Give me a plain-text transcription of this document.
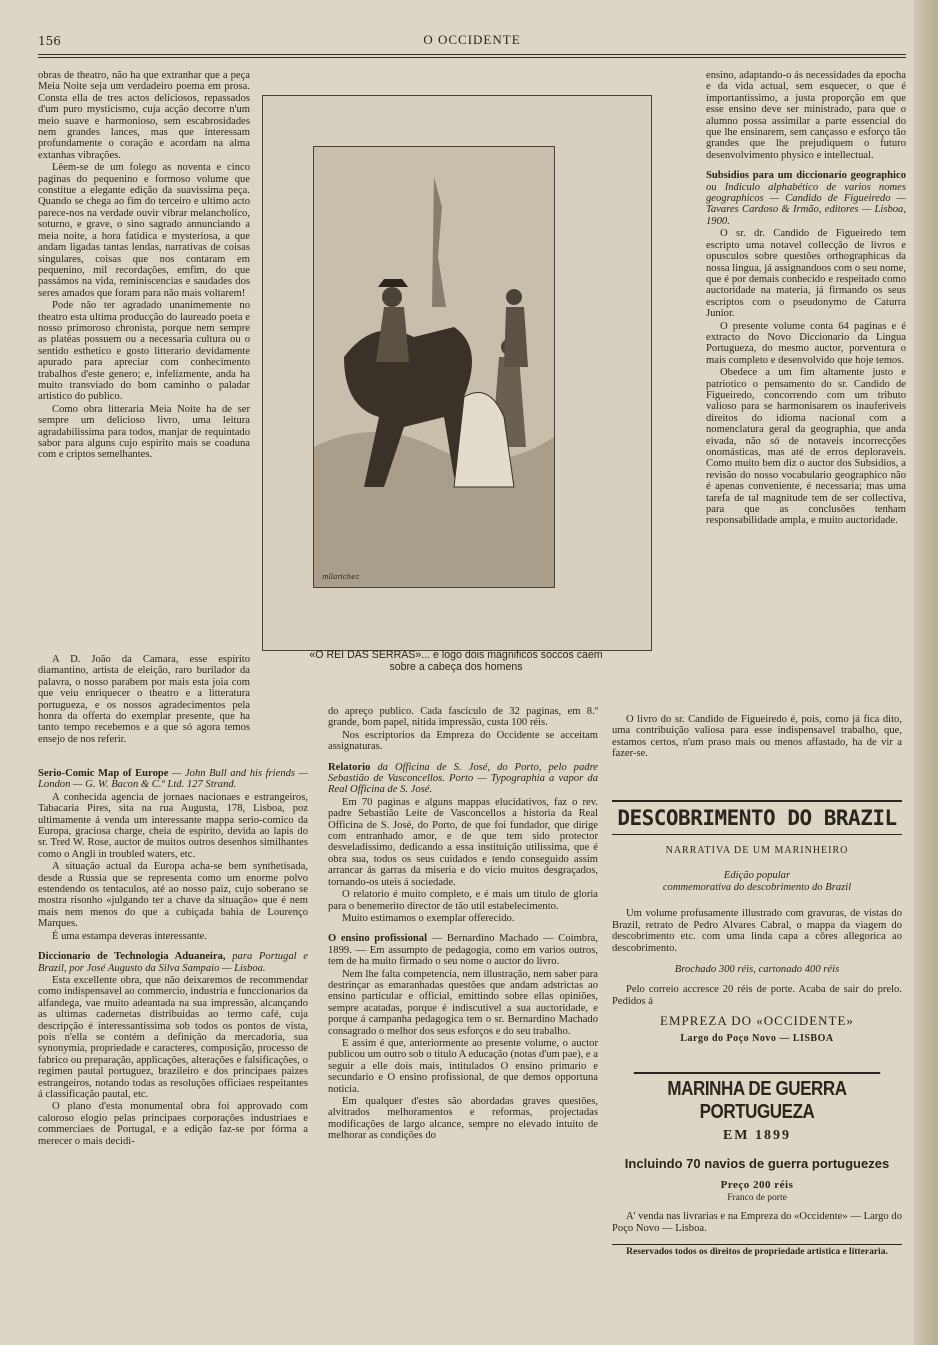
156	O OCCIDENTE

obras de theatro, não ha que extranhar que a peça Meia Noite seja um verdadeiro poema em prosa. Consta ella de tres actos deliciosos, repassados d'um puro mysticismo, cuja acção decorre n'um meio suave e harmonioso, sem escabrosidades nem grandes lances, mas que interessam profundamente o coração e acordam na alma extanhas vibrações.

Lêem-se de um folego as noventa e cinco paginas do pequenino e formoso volume que constitue a elegante edição da suavissima peça. Quando se chega ao fim do terceiro e ultimo acto parece-nos na verdade ouvir vibrar melancholico, soturno, e grave, o sino sagrado annunciando a meia noite, a hora fatidica e mysteriosa, a que andam ligadas tantas lendas, narrativas de coisas singulares, coisas que nos contaram em pequenino, mil recordações, emfim, do que passámos na vida, reminiscencias e saudades dos seres amados que foram para não mais voltarem!

Pode não ter agradado unanimemente no theatro esta ultima producção do laureado poeta e nosso primoroso chronista, porque nem sempre as platéas possuem ou a necessaria cultura ou o sentido esthetico e gosto litterario devidamente apurado para apreciar com conhecimento trabalhos d'este genero; e, infelizmente, anda ha muito transviado do bom caminho o paladar artistico do publico.

Como obra litteraria Meia Noite ha de ser sempre um delicioso livro, uma leitura agradabilissima para todos, manjar de requintado sabor para alguns cujo espirito mais se coaduna com e criptos semelhantes.

A D. João da Camara, esse espirito diamantino, artista de eleição, raro burilador da palavra, o nosso parabem por mais esta joia com que veiu enriquecer o theatro e a litteratura portugueza, e os nossos agradecimentos pela honra da offerta do exemplar presente, que ha tanto tempo recebemos e a que só agora temos ensejo de nos referir.

Serio-Comic Map of Europe — John Bull and his friends — London — G. W. Bacon & C.º Ltd. 127 Strand.

A conhecida agencia de jornaes nacionaes e estrangeiros, Tabacaria Pires, sita na rua Augusta, 178, Lisboa, poz ultimamente á venda um interessante mappa serio-comico da Europa, graciosa charge, cheia de espirito, devida ao lapis do sr. Tred W. Rose, auctor de muitos outros desenhos similhantes como o Angli in troubled waters, etc.

A situação actual da Europa acha-se bem synthetisada, desde a Russia que se representa como um enorme polvo estendendo os tentaculos, até ao nosso paiz, cujo soberano se mostra risonho «julgando ter a chave da situação» que é nem mais nem menos do que a cubiçada bahia de Lourenço Marques.

É uma estampa deveras interessante.

Diccionario de Technologia Aduaneira, para Portugal e Brazil, por José Augusto da Silva Sampaio — Lisboa.

Esta excellente obra, que não deixaremos de recommendar como indispensavel ao commercio, industria e funccionarios da alfandega, vae muito adeantada na sua impressão, alcançando as ultimas cadernetas distribuidas ao termo café, cuja descripção é interessantissima sob todos os pontos de vista, pois n'ella se contém a definição da mercadoria, sua synonymia, propriedade e caracteres, composição, processo de fabrico ou preparação, applicações, alterações e falsificações, o regimen pautal portuguez, brazileiro e dos principaes paizes estrangeiros, notando todas as resoluções officiaes respeitantes á classificação pautal, etc.

O plano d'esta monumental obra foi approvado com caloroso elogio pelas principaes corporações industriaes e commerciaes de Portugal, e a edição faz-se por fórma a merecer o mais decidi-

mllarichez
«O REI DAS SERRAS»... e logo dois magnificos soccos caem
sobre a cabeça dos homens

do apreço publico. Cada fasciculo de 32 paginas, em 8.º grande, bom papel, nitida impressão, custa 100 réis.

Nos escriptorios da Empreza do Occidente se acceitam assignaturas.

Relatorio da Officina de S. José, do Porto, pelo padre Sebastião de Vasconcellos. Porto — Typographia a vapor da Real Officina de S. José.

Em 70 paginas e alguns mappas elucidativos, faz o rev. padre Sebastião Leite de Vasconcellos a historia da Real Officina de S. José, do Porto, de que foi fundador, que dirige com entranhado amor, e de que tem sido protector desveladissimo, dedicando a essa instituição utilissima, que é obra sua, todos os seus cuidados e tendo conseguido assim arrancar ás garras da miseria e do vicio muitos desgraçados, tornando-os uteis á sociedade.

O relatorio é muito completo, e é mais um titulo de gloria para o benemerito director de tão util estabelecimento.

Muito estimamos o exemplar offerecido.

O ensino profissional — Bernardino Machado — Coimbra, 1899. — Em assumpto de pedagogia, como em varios outros, tem de ha muito firmado o seu nome o auctor do livro.

Nem lhe falta competencia, nem illustração, nem saber para destrinçar as emaranhadas questões que andam adstrictas ao ensino particular e official, emittindo sobre ellas opiniões, sempre acatadas, porque é indiscutivel a sua auctoridade, e porque á campanha pedagogica tem o sr. Bernardino Machado consagrado o melhor dos seus esforços e do seu trabalho.

E assim é que, anteriormente ao presente volume, o auctor publicou um outro sob o titulo A educação (notas d'um pae), e a seguir a elle dois mais, intitulados O ensino primario e secundario e O ensino profissional, de que demos opportuna noticia.

Em qualquer d'estes são abordadas graves questões, alvitrados melhoramentos e reformas, projectadas modificações de largo alcance, sempre no elevado intuito de melhorar as condições do

ensino, adaptando-o ás necessidades da epocha e da vida actual, sem esquecer, o que é importantissimo, a justa proporção em que esse ensino deve ser ministrado, para que o alumno possa assimilar a parte essencial do que lhe ensinarem, sem cançasso e esforço tão grandes que lhe prejudiquem o futuro desenvolvimento physico e intellectual.

Subsidios para um diccionario geographico ou Indiculo alphabético de varios nomes geographicos — Candido de Figueiredo — Tavares Cardoso & Irmão, editores — Lisboa, 1900.

O sr. dr. Candido de Figueiredo tem escripto uma notavel collecção de livros e opusculos sobre questões orthographicas da nossa lingua, já assignandoos com o seu nome, que é por demais conhecido e respeitado como auctoridade na materia, já firmando os seus escriptos com o pseudonymo de Caturra Junior.

O presente volume conta 64 paginas e é extracto do Novo Diccionario da Lingua Portugueza, do mesmo auctor, porventura o mais completo e desenvolvido que hoje temos.

Obedece a um fim altamente justo e patriotico o pensamento do sr. Candido de Figueiredo, concorrendo com um tributo valioso para se harmonisarem os inauferiveis direitos do idioma nacional com a nomenclatura geral da geographia, que anda eivada, não só de notaveis incorrecções onomásticas, mas até de erros deploraveis. Como muito bem diz o auctor dos Subsidios, a revisão do nosso vocabulario geographico não é apenas conveniente, é necessaria; mas uma tarefa de tal magnitude tem de ser collectiva, para que as conclusões tenham responsabilidade ampla, e muito auctoridade.

O livro do sr. Candido de Figueiredo é, pois, como já fica dito, uma contribuição valiosa para esse indispensavel trabalho, que, estamos certos, n'um praso mais ou menos affastado, ha de vir a fazer-se.

DESCOBRIMENTO DO BRAZIL
NARRATIVA DE UM MARINHEIRO
Edição popular
commemorativa do descobrimento do Brazil

Um volume profusamente illustrado com gravuras, de vistas do Brazil, retrato de Pedro Alvares Cabral, o mappa da viagem do descobrimento etc. com uma linda capa a côres allegorica ao descobrimento.

Brochado 300 réis, cartonado 400 réis

Pelo correio accresce 20 réis de porte. Acaba de sair do prelo. Pedidos á

EMPREZA DO «OCCIDENTE»
Largo do Poço Novo — LISBOA
MARINHA DE GUERRA PORTUGUEZA
EM 1899
Incluindo 70 navios de guerra portuguezes
Preço 200 réis
Franco de porte

A' venda nas livrarias e na Empreza do «Occidente» — Largo do Poço Novo — Lisboa.

Reservados todos os direitos de propriedade artistica e litteraria.
